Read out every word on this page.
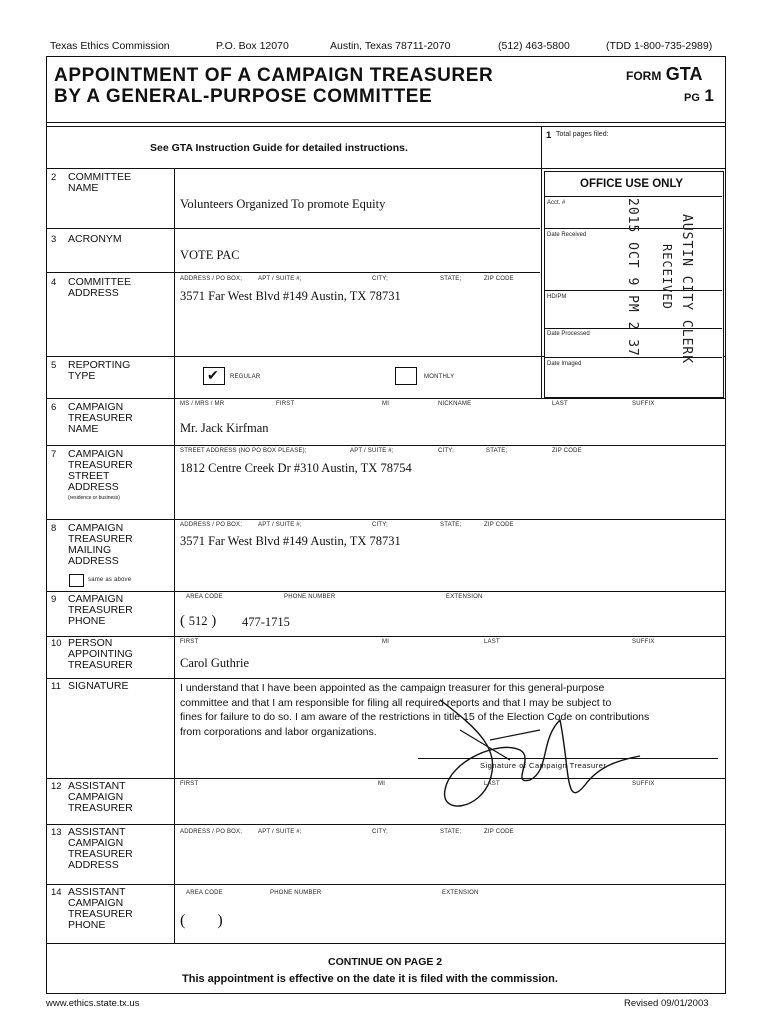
Texas Ethics Commission	P.O. Box 12070	Austin, Texas 78711-2070	(512) 463-5800	(TDD 1-800-735-2989)
APPOINTMENT OF A CAMPAIGN TREASURER
BY A GENERAL-PURPOSE COMMITTEE
FORM GTA
PG 1
See GTA Instruction Guide for detailed instructions.
1 Total pages filed:
OFFICE USE ONLY
Acct. #
Date Received
HD/PM
Date Processed
Date Imaged
2015 OCT 9 PM 2 37 RECEIVED AUSTIN CITY CLERK
2 COMMITTEE
NAME
Volunteers Organized To promote Equity
3 ACRONYM
VOTE PAC
4 COMMITTEE
ADDRESS
ADDRESS / PO BOX;	APT / SUITE #;	CITY;	STATE;	ZIP CODE
3571 Far West Blvd #149 Austin, TX 78731
5 REPORTING
TYPE	✔ REGULAR	MONTHLY
6 CAMPAIGN
TREASURER
NAME
MS / MRS / MR	FIRST	MI	NICKNAME	LAST	SUFFIX
Mr. Jack Kirfman
7 CAMPAIGN
TREASURER
STREET
ADDRESS
(residence or business)
STREET ADDRESS (NO PO BOX PLEASE);	APT / SUITE #;	CITY;	STATE;	ZIP CODE
1812 Centre Creek Dr #310 Austin, TX 78754
8 CAMPAIGN
TREASURER
MAILING
ADDRESS
same as above
ADDRESS / PO BOX;	APT / SUITE #;	CITY;	STATE;	ZIP CODE
3571 Far West Blvd #149 Austin, TX 78731
9 CAMPAIGN
TREASURER
PHONE
AREA CODE	PHONE NUMBER	EXTENSION
( 512 ) 477-1715
10 PERSON
APPOINTING
TREASURER
FIRST	MI	LAST	SUFFIX
Carol Guthrie
11 SIGNATURE	I understand that I have been appointed as the campaign treasurer for this general-purpose
committee and that I am responsible for filing all required reports and that I may be subject to
fines for failure to do so. I am aware of the restrictions in title 15 of the Election Code on contributions
from corporations and labor organizations.
Signature of Campaign Treasurer
12 ASSISTANT
CAMPAIGN
TREASURER
FIRST	MI	LAST	SUFFIX
13 ASSISTANT
CAMPAIGN
TREASURER
ADDRESS
ADDRESS / PO BOX;	APT / SUITE #;	CITY;	STATE;	ZIP CODE
14 ASSISTANT
CAMPAIGN
TREASURER
PHONE
AREA CODE	PHONE NUMBER	EXTENSION
(        )
CONTINUE ON PAGE 2
This appointment is effective on the date it is filed with the commission.
www.ethics.state.tx.us	Revised 09/01/2003
